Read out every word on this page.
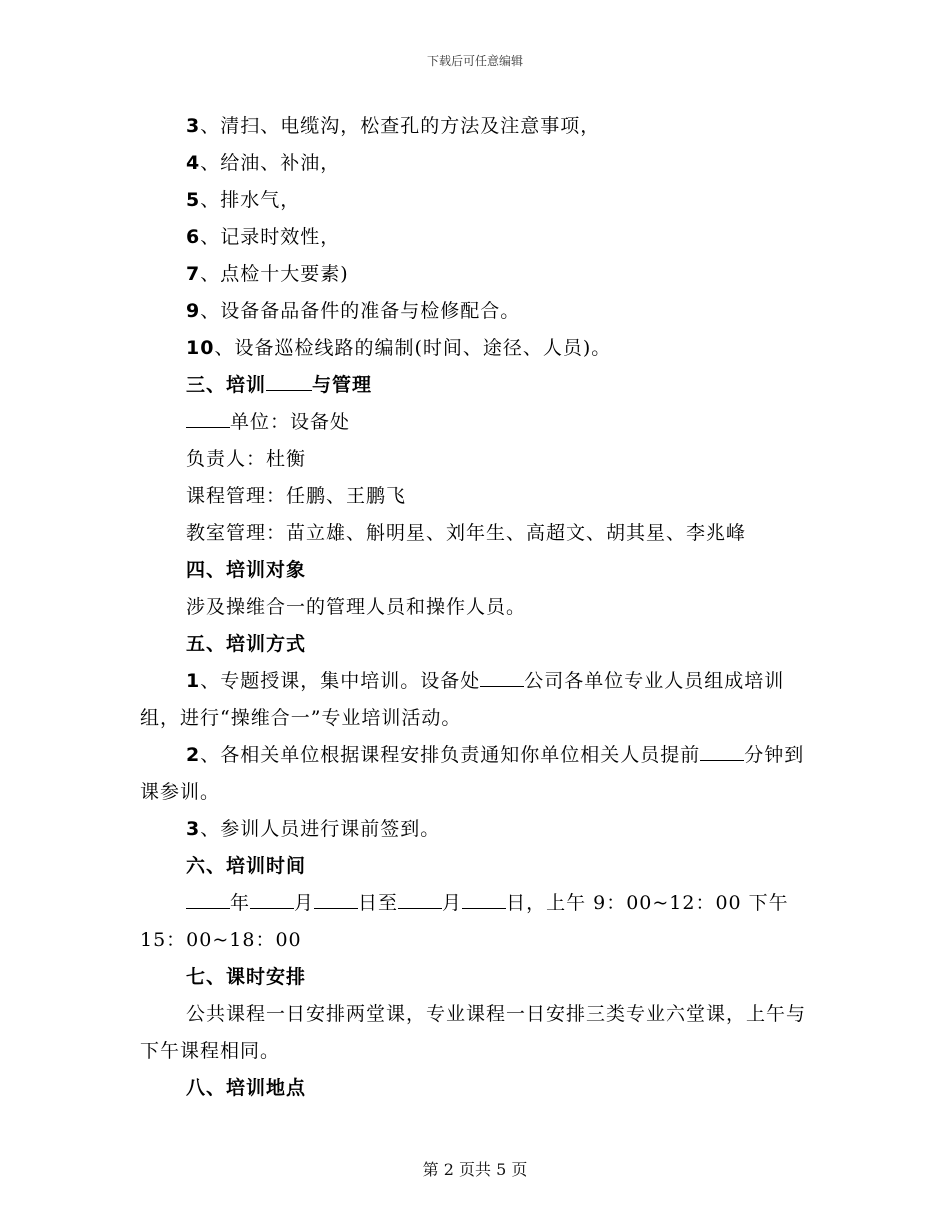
下载后可任意编辑
3、清扫、电缆沟，松查孔的方法及注意事项，
4、给油、补油，
5、排水气，
6、记录时效性，
7、点检十大要素)
9、设备备品备件的准备与检修配合。
10、设备巡检线路的编制(时间、途径、人员)。
三、培训 与管理
单位：设备处
负责人：杜衡
课程管理：任鹏、王鹏飞
教室管理：苗立雄、斛明星、刘年生、高超文、胡其星、李兆峰
四、培训对象
涉及操维合一的管理人员和操作人员。
五、培训方式
1、专题授课，集中培训。设备处 公司各单位专业人员组成培训组，进行“操维合一”专业培训活动。
2、各相关单位根据课程安排负责通知你单位相关人员提前 分钟到课参训。
3、参训人员进行课前签到。
六、培训时间
年 月 日至 月 日，上午 9：00~12：00 下午
15：00~18：00
七、课时安排
公共课程一日安排两堂课，专业课程一日安排三类专业六堂课，上午与下午课程相同。
八、培训地点
第 2 页共 5 页
